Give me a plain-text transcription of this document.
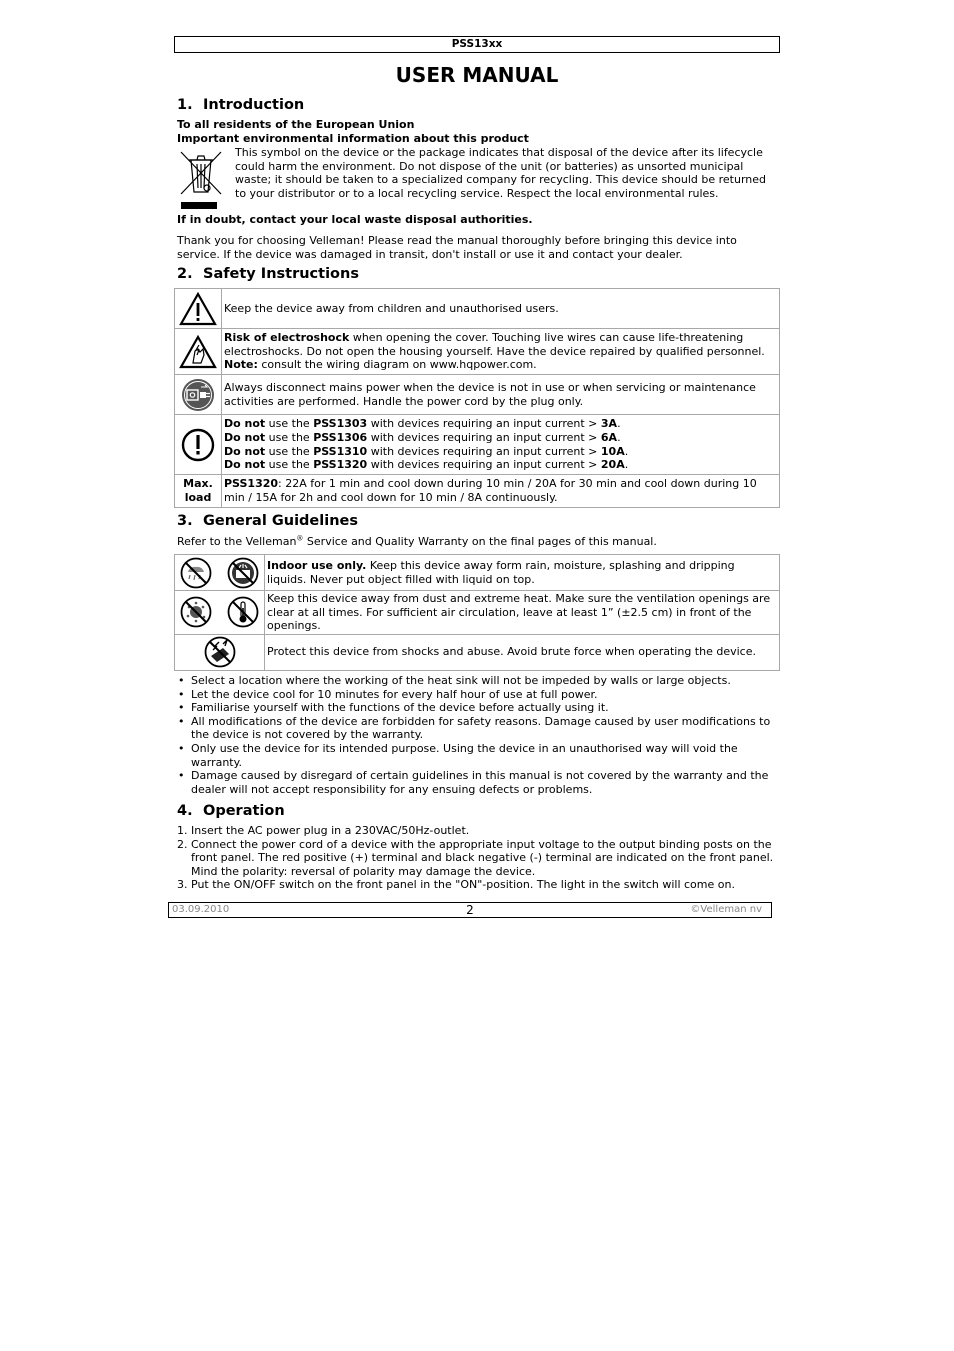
PSS13xx
USER MANUAL
1. Introduction
To all residents of the European Union
Important environmental information about this product
This symbol on the device or the package indicates that disposal of the device after its lifecycle could harm the environment. Do not dispose of the unit (or batteries) as unsorted municipal waste; it should be taken to a specialized company for recycling. This device should be returned to your distributor or to a local recycling service. Respect the local environmental rules.
If in doubt, contact your local waste disposal authorities.
Thank you for choosing Velleman! Please read the manual thoroughly before bringing this device into service. If the device was damaged in transit, don't install or use it and contact your dealer.
2. Safety Instructions
	Keep the device away from children and unauthorised users.

	Risk of electroshock when opening the cover. Touching live wires can cause life-threatening electroshocks. Do not open the housing yourself. Have the device repaired by qualified personnel.
Note: consult the wiring diagram on www.hqpower.com.

	Always disconnect mains power when the device is not in use or when servicing or maintenance activities are performed. Handle the power cord by the plug only.

Do not use the PSS1303 with devices requiring an input current > 3A.
Do not use the PSS1306 with devices requiring an input current > 6A.
Do not use the PSS1310 with devices requiring an input current > 10A.
Do not use the PSS1320 with devices requiring an input current > 20A.

Max.
load	PSS1320: 22A for 1 min and cool down during 10 min / 20A for 30 min and cool down during 10 min / 15A for 2h and cool down for 10 min / 8A continuously.
3. General Guidelines
Refer to the Velleman® Service and Quality Warranty on the final pages of this manual.
	Indoor use only. Keep this device away form rain, moisture, splashing and dripping liquids. Never put object filled with liquid on top.

	Keep this device away from dust and extreme heat. Make sure the ventilation openings are clear at all times. For sufficient air circulation, leave at least 1” (±2.5 cm) in front of the openings.

	Protect this device from shocks and abuse. Avoid brute force when operating the device.
• Select a location where the working of the heat sink will not be impeded by walls or large objects.
• Let the device cool for 10 minutes for every half hour of use at full power.
• Familiarise yourself with the functions of the device before actually using it.
• All modifications of the device are forbidden for safety reasons. Damage caused by user modifications to the device is not covered by the warranty.
• Only use the device for its intended purpose. Using the device in an unauthorised way will void the warranty.
• Damage caused by disregard of certain guidelines in this manual is not covered by the warranty and the dealer will not accept responsibility for any ensuing defects or problems.
4. Operation
1. Insert the AC power plug in a 230VAC/50Hz-outlet.
2. Connect the power cord of a device with the appropriate input voltage to the output binding posts on the front panel. The red positive (+) terminal and black negative (-) terminal are indicated on the front panel. Mind the polarity: reversal of polarity may damage the device.
3. Put the ON/OFF switch on the front panel in the "ON"-position. The light in the switch will come on.
03.09.2010	2	©Velleman nv
